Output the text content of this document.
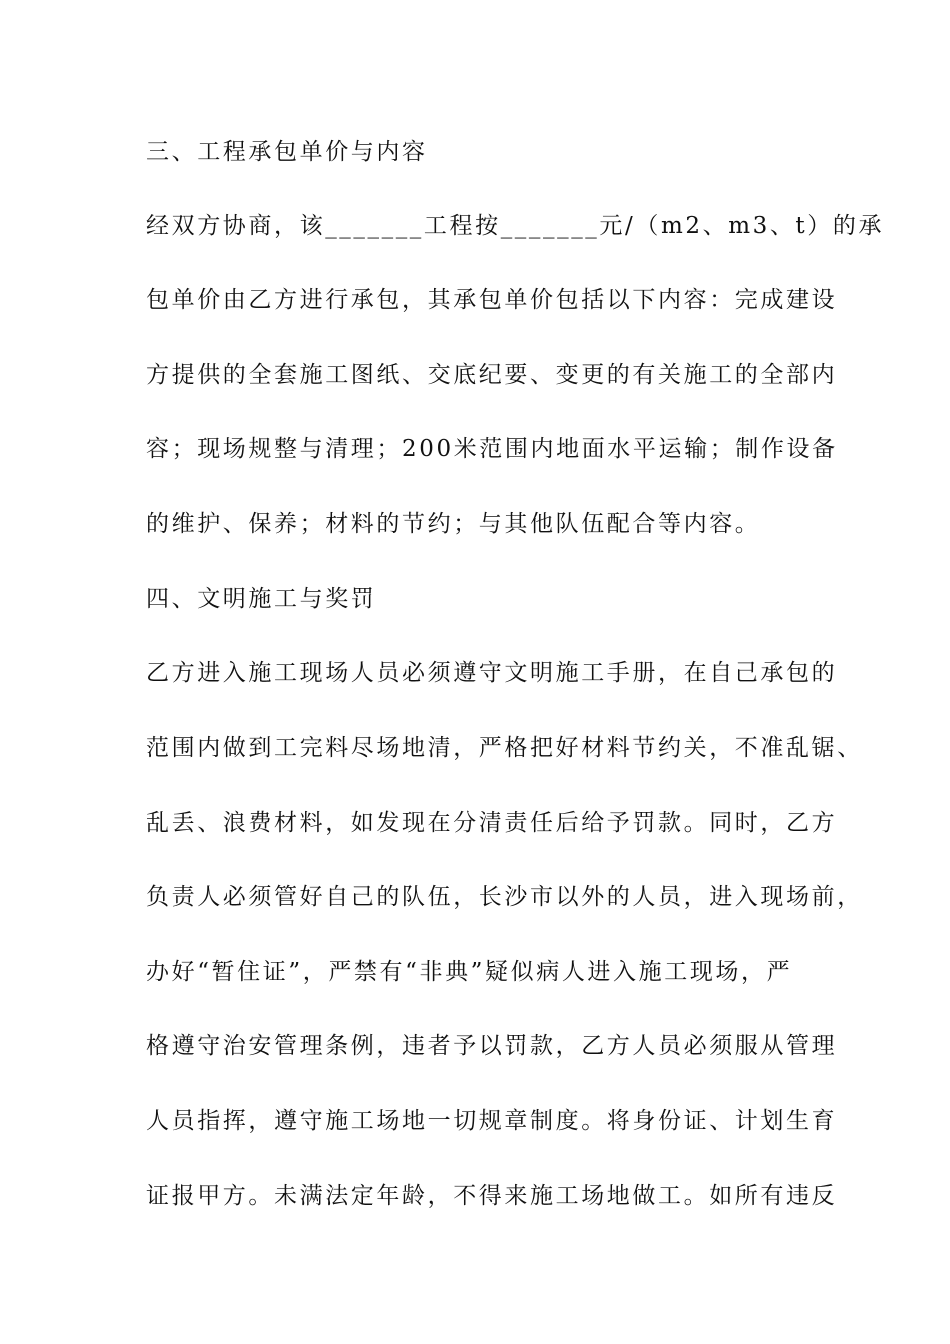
三、工程承包单价与内容
经双方协商，该_______工程按_______元/（m2、m3、t）的承
包单价由乙方进行承包，其承包单价包括以下内容：完成建设
方提供的全套施工图纸、交底纪要、变更的有关施工的全部内
容；现场规整与清理；200米范围内地面水平运输；制作设备
的维护、保养；材料的节约；与其他队伍配合等内容。
四、文明施工与奖罚
乙方进入施工现场人员必须遵守文明施工手册，在自己承包的
范围内做到工完料尽场地清，严格把好材料节约关，不准乱锯、
乱丢、浪费材料，如发现在分清责任后给予罚款。同时，乙方
负责人必须管好自己的队伍，长沙市以外的人员，进入现场前，
办好“暂住证”，严禁有“非典”疑似病人进入施工现场，严
格遵守治安管理条例，违者予以罚款，乙方人员必须服从管理
人员指挥，遵守施工场地一切规章制度。将身份证、计划生育
证报甲方。未满法定年龄，不得来施工场地做工。如所有违反
